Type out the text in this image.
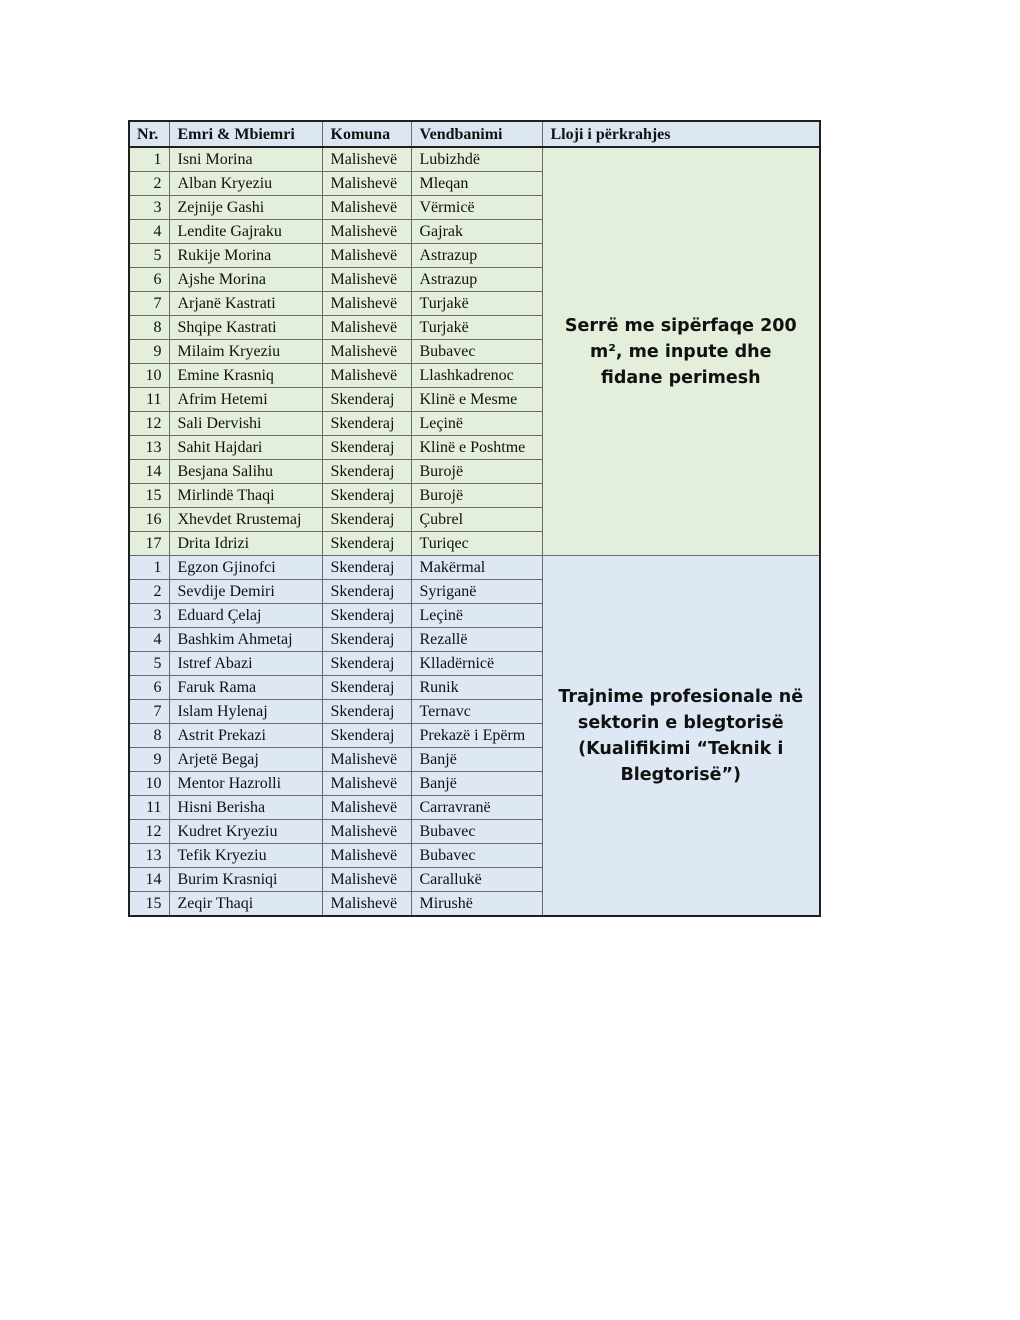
Nr.	Emri & Mbiemri	Komuna	Vendbanimi	Lloji i përkrahjes
1	Isni Morina	Malishevë	Lubizhdë	Serrë me sipërfaqe 200 m², me inpute dhe fidane perimesh

2	Alban Kryeziu	Malishevë	Mleqan	
3	Zejnije Gashi	Malishevë	Vërmicë	
4	Lendite Gajraku	Malishevë	Gajrak	
5	Rukije Morina	Malishevë	Astrazup	
6	Ajshe Morina	Malishevë	Astrazup	
7	Arjanë Kastrati	Malishevë	Turjakë	
8	Shqipe Kastrati	Malishevë	Turjakë	
9	Milaim Kryeziu	Malishevë	Bubavec	
10	Emine Krasniq	Malishevë	Llashkadrenoc	
11	Afrim Hetemi	Skenderaj	Klinë e Mesme	
12	Sali Dervishi	Skenderaj	Leçinë	
13	Sahit Hajdari	Skenderaj	Klinë e Poshtme	
14	Besjana Salihu	Skenderaj	Burojë	
15	Mirlindë Thaqi	Skenderaj	Burojë	
16	Xhevdet Rrustemaj	Skenderaj	Çubrel	
17	Drita Idrizi	Skenderaj	Turiqec	
1	Egzon Gjinofci	Skenderaj	Makërmal	Trajnime profesionale në sektorin e blegtorisë (Kualifikimi “Teknik i Blegtorisë”)

2	Sevdije Demiri	Skenderaj	Syriganë	
3	Eduard Çelaj	Skenderaj	Leçinë	
4	Bashkim Ahmetaj	Skenderaj	Rezallë	
5	Istref Abazi	Skenderaj	Klladërnicë	
6	Faruk Rama	Skenderaj	Runik	
7	Islam Hylenaj	Skenderaj	Ternavc	
8	Astrit Prekazi	Skenderaj	Prekazë i Epërm	
9	Arjetë Begaj	Malishevë	Banjë	
10	Mentor Hazrolli	Malishevë	Banjë	
11	Hisni Berisha	Malishevë	Carravranë	
12	Kudret Kryeziu	Malishevë	Bubavec	
13	Tefik Kryeziu	Malishevë	Bubavec	
14	Burim Krasniqi	Malishevë	Carallukë	
15	Zeqir Thaqi	Malishevë	Mirushë	
